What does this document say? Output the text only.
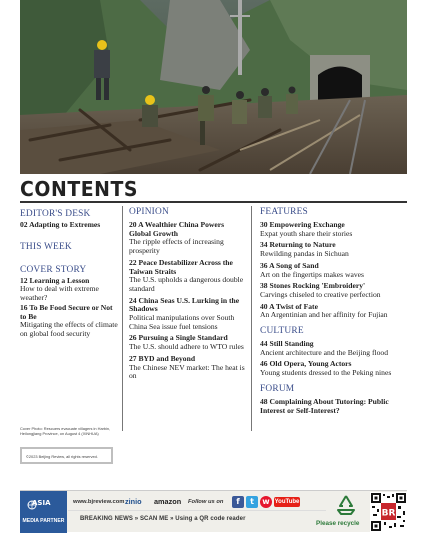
CONTENTS
EDITOR'S DESK
02 Adapting to Extremes
THIS WEEK
COVER STORY
12 Learning a Lesson
How to deal with extreme weather?
16 To Be Food Secure or Not to Be
Mitigating the effects of climate on global food security
OPINION
20 A Wealthier China Powers Global Growth
The ripple effects of increasing prosperity
22 Peace Destabilizer Across the Taiwan Straits
The U.S. upholds a dangerous double standard
24 China Seas U.S. Lurking in the Shadows
Political manipulations over South China Sea issue fuel tensions
26 Pursuing a Single Standard
The U.S. should adhere to WTO rules
27 BYD and Beyond
The Chinese NEV market: The heat is on
FEATURES
30 Empowering Exchange
Expat youth share their stories
34 Returning to Nature
Rewilding pandas in Sichuan
36 A Song of Sand
Art on the fingertips makes waves
38 Stones Rocking 'Embroidery'
Carvings chiseled to creative perfection
40 A Twist of Fate
An Argentinian and her affinity for Fujian
CULTURE
44 Still Standing
Ancient architecture and the Beijing flood
46 Old Opera, Young Actors
Young students dressed to the Peking nines
FORUM
48 Complaining About Tutoring: Public Interest or Self-Interest?
Cover Photo: Rescuers evacuate villagers in Harbin, Heilongjiang Province, on August 4 (XINHUA)
©2023 Beijing Review, all rights reserved.
ASIA
MEDIA PARTNER
www.bjreview.com zinio amazon Follow us on	f	t	w YouTube
BREAKING NEWS » SCAN ME » Using a QR code reader
Please recycle
BR
